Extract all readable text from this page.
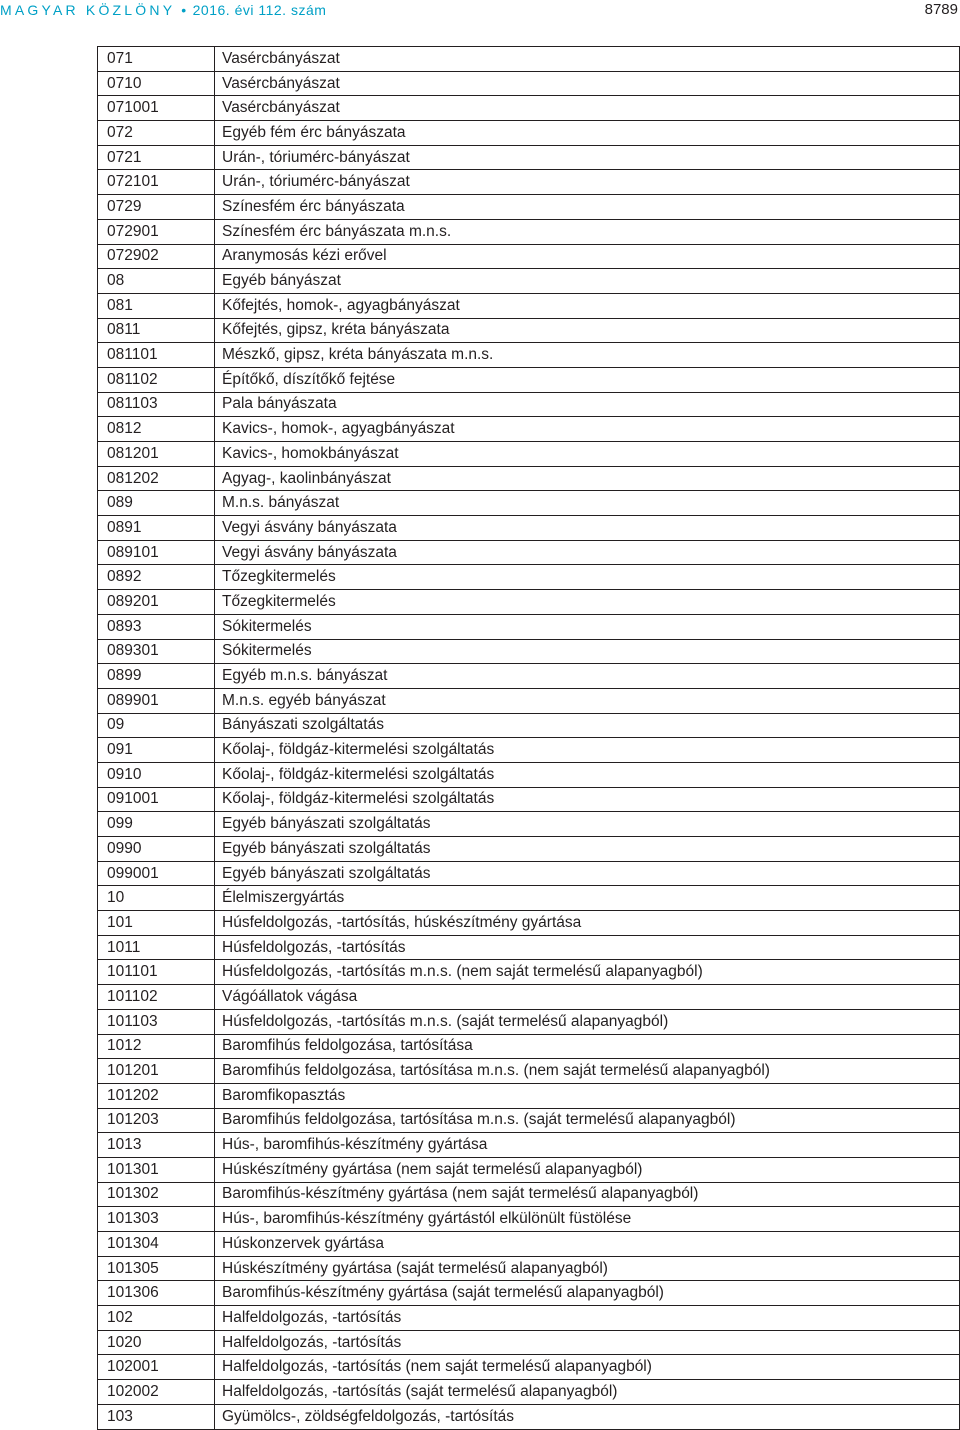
MAGYAR KÖZLÖNY • 2016. évi 112. szám	8789
071	Vasércbányászat
0710	Vasércbányászat
071001	Vasércbányászat
072	Egyéb fém érc bányászata
0721	Urán-, tóriumérc-bányászat
072101	Urán-, tóriumérc-bányászat
0729	Színesfém érc bányászata
072901	Színesfém érc bányászata m.n.s.
072902	Aranymosás kézi erővel
08	Egyéb bányászat
081	Kőfejtés, homok-, agyagbányászat
0811	Kőfejtés, gipsz, kréta bányászata
081101	Mészkő, gipsz, kréta bányászata m.n.s.
081102	Építőkő, díszítőkő fejtése
081103	Pala bányászata
0812	Kavics-, homok-, agyagbányászat
081201	Kavics-, homokbányászat
081202	Agyag-, kaolinbányászat
089	M.n.s. bányászat
0891	Vegyi ásvány bányászata
089101	Vegyi ásvány bányászata
0892	Tőzegkitermelés
089201	Tőzegkitermelés
0893	Sókitermelés
089301	Sókitermelés
0899	Egyéb m.n.s. bányászat
089901	M.n.s. egyéb bányászat
09	Bányászati szolgáltatás
091	Kőolaj-, földgáz-kitermelési szolgáltatás
0910	Kőolaj-, földgáz-kitermelési szolgáltatás
091001	Kőolaj-, földgáz-kitermelési szolgáltatás
099	Egyéb bányászati szolgáltatás
0990	Egyéb bányászati szolgáltatás
099001	Egyéb bányászati szolgáltatás
10	Élelmiszergyártás
101	Húsfeldolgozás, -tartósítás, húskészítmény gyártása
1011	Húsfeldolgozás, -tartósítás
101101	Húsfeldolgozás, -tartósítás m.n.s. (nem saját termelésű alapanyagból)
101102	Vágóállatok vágása
101103	Húsfeldolgozás, -tartósítás m.n.s. (saját termelésű alapanyagból)
1012	Baromfihús feldolgozása, tartósítása
101201	Baromfihús feldolgozása, tartósítása m.n.s. (nem saját termelésű alapanyagból)
101202	Baromfikopasztás
101203	Baromfihús feldolgozása, tartósítása m.n.s. (saját termelésű alapanyagból)
1013	Hús-, baromfihús-készítmény gyártása
101301	Húskészítmény gyártása (nem saját termelésű alapanyagból)
101302	Baromfihús-készítmény gyártása (nem saját termelésű alapanyagból)
101303	Hús-, baromfihús-készítmény gyártástól elkülönült füstölése
101304	Húskonzervek gyártása
101305	Húskészítmény gyártása (saját termelésű alapanyagból)
101306	Baromfihús-készítmény gyártása (saját termelésű alapanyagból)
102	Halfeldolgozás, -tartósítás
1020	Halfeldolgozás, -tartósítás
102001	Halfeldolgozás, -tartósítás (nem saját termelésű alapanyagból)
102002	Halfeldolgozás, -tartósítás (saját termelésű alapanyagból)
103	Gyümölcs-, zöldségfeldolgozás, -tartósítás
